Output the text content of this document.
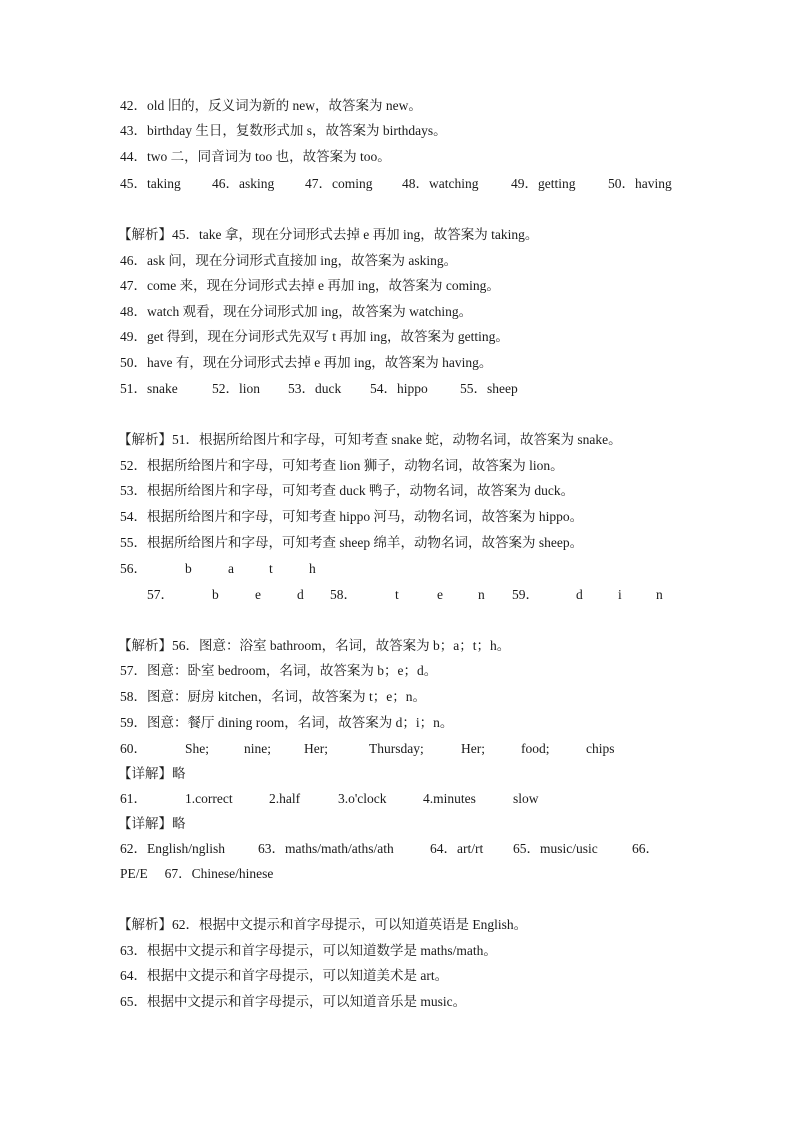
42．old 旧的，反义词为新的 new，故答案为 new。
43．birthday 生日，复数形式加 s，故答案为 birthdays。
44．two 二，同音词为 too 也，故答案为 too。
45．taking 46．asking 47．coming 48．watching 49．getting 50．having
【解析】45．take 拿，现在分词形式去掉 e 再加 ing，故答案为 taking。
46．ask 问，现在分词形式直接加 ing，故答案为 asking。
47．come 来，现在分词形式去掉 e 再加 ing，故答案为 coming。
48．watch 观看，现在分词形式加 ing，故答案为 watching。
49．get 得到，现在分词形式先双写 t 再加 ing，故答案为 getting。
50．have 有，现在分词形式去掉 e 再加 ing，故答案为 having。
51．snake	52．lion 53．duck 54．hippo 55．sheep
【解析】51．根据所给图片和字母，可知考查 snake 蛇，动物名词，故答案为 snake。
52．根据所给图片和字母，可知考查 lion 狮子，动物名词，故答案为 lion。
53．根据所给图片和字母，可知考查 duck 鸭子，动物名词，故答案为 duck。
54．根据所给图片和字母，可知考查 hippo 河马，动物名词，故答案为 hippo。
55．根据所给图片和字母，可知考查 sheep 绵羊，动物名词，故答案为 sheep。
56．	b	a	t	h
57．	b	e	d 58．	t	e	n 59．	d	i	n
【解析】56．图意：浴室 bathroom，名词，故答案为 b；a；t；h。
57．图意：卧室 bedroom，名词，故答案为 b；e；d。
58．图意：厨房 kitchen，名词，故答案为 t；e；n。
59．图意：餐厅 dining room，名词，故答案为 d；i；n。
60．	She;	nine; Her;	Thursday;	Her;	food;	chips
【详解】略
61．	1.correct	2.half	3.o'clock	4.minutes	slow
【详解】略
62．English/nglish 63．maths/math/aths/ath	64．art/rt 65．music/usic	66．
PE/E　 67．Chinese/hinese
【解析】62．根据中文提示和首字母提示，可以知道英语是 English。
63．根据中文提示和首字母提示，可以知道数学是 maths/math。
64．根据中文提示和首字母提示，可以知道美术是 art。
65．根据中文提示和首字母提示，可以知道音乐是 music。
